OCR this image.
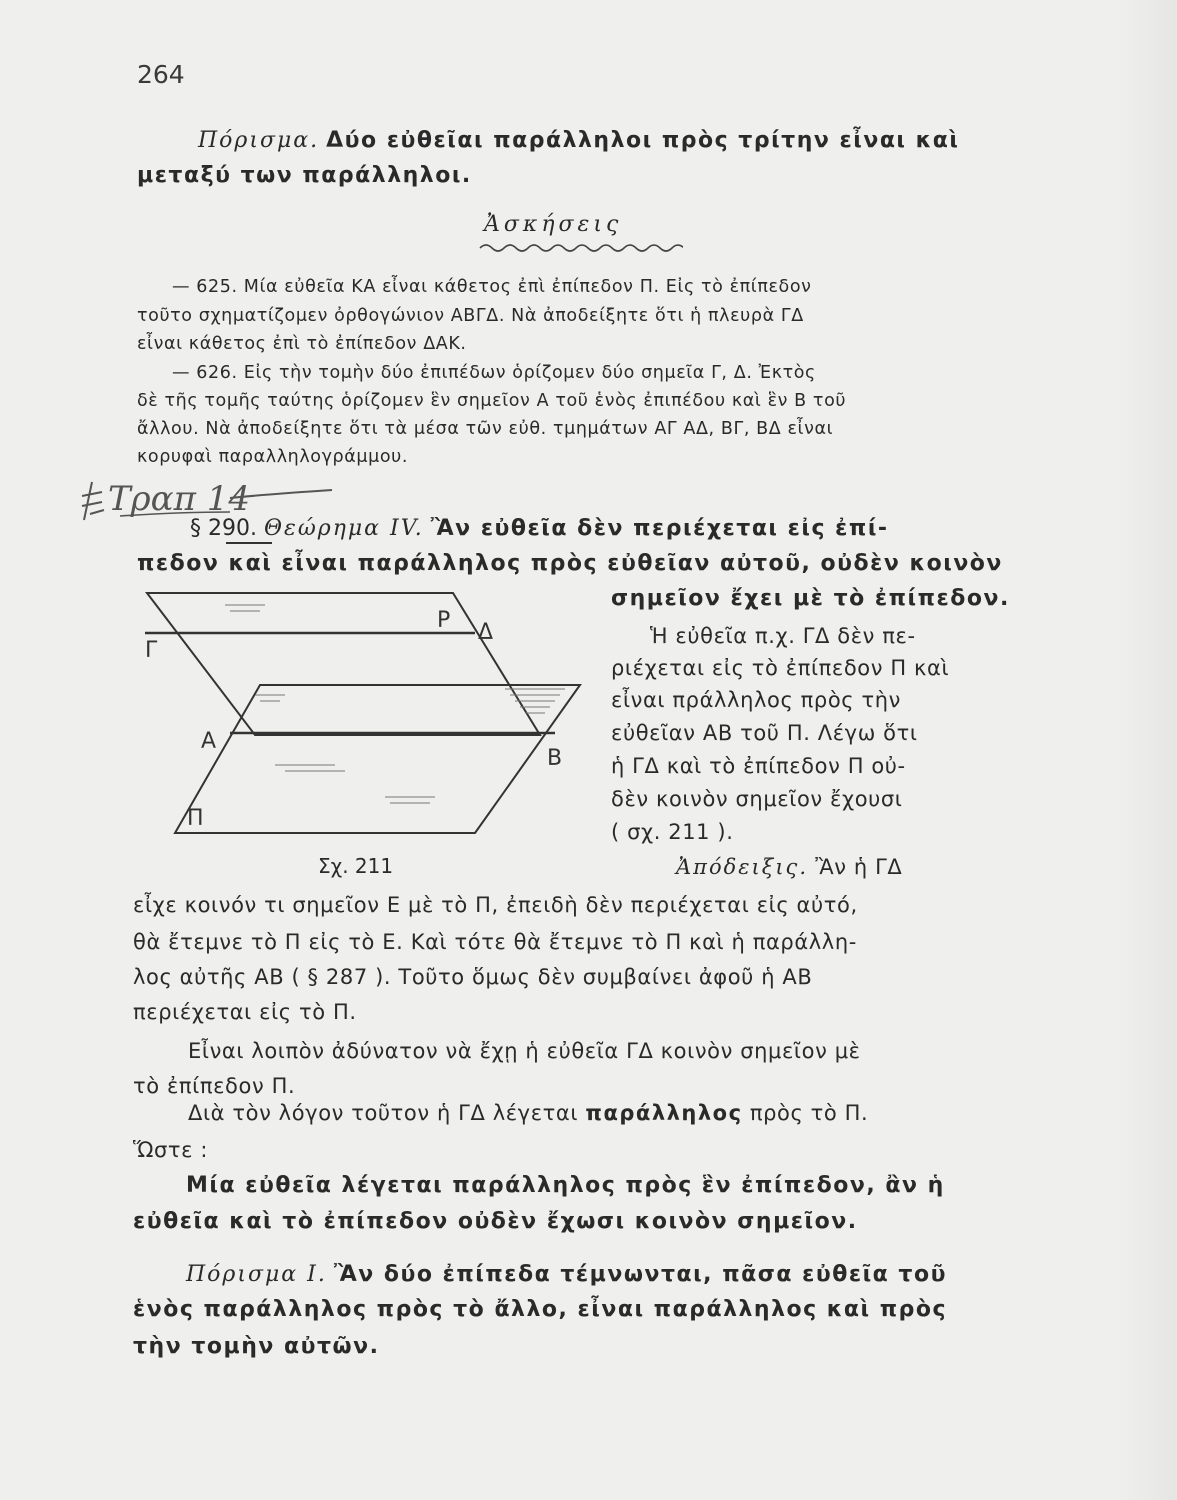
264
Πόρισμα. Δύο εὐθεῖαι παράλληλοι πρὸς τρίτην εἶναι καὶ
μεταξύ των παράλληλοι.
Ἀσκήσεις
— 625. Μία εὐθεῖα ΚΑ εἶναι κάθετος ἐπὶ ἐπίπεδον Π. Εἰς τὸ ἐπίπεδον
τοῦτο σχηματίζομεν ὀρθογώνιον ΑΒΓΔ. Νὰ ἀποδείξητε ὅτι ἡ πλευρὰ ΓΔ
εἶναι κάθετος ἐπὶ τὸ ἐπίπεδον ΔΑΚ.
— 626. Εἰς τὴν τομὴν δύο ἐπιπέδων ὁρίζομεν δύο σημεῖα Γ, Δ. Ἐκτὸς
δὲ τῆς τομῆς ταύτης ὁρίζομεν ἓν σημεῖον Α τοῦ ἑνὸς ἐπιπέδου καὶ ἓν Β τοῦ
ἄλλου. Νὰ ἀποδείξητε ὅτι τὰ μέσα τῶν εὐθ. τμημάτων ΑΓ ΑΔ, ΒΓ, ΒΔ εἶναι
κορυφαὶ παραλληλογράμμου.
Τραπ 14
§ 290. Θεώρημα IV. Ἂν εὐθεῖα δὲν περιέχεται εἰς ἐπί-
πεδον καὶ εἶναι παράλληλος πρὸς εὐθεῖαν αὐτοῦ, οὐδὲν κοινὸν
σημεῖον ἔχει μὲ τὸ ἐπίπεδον.
Ρ Δ
Γ
Α
Β
Π
Σχ. 211
Ἡ εὐθεῖα π.χ. ΓΔ δὲν πε-
ριέχεται εἰς τὸ ἐπίπεδον Π καὶ
εἶναι πράλληλος πρὸς τὴν
εὐθεῖαν ΑΒ τοῦ Π. Λέγω ὅτι
ἡ ΓΔ καὶ τὸ ἐπίπεδον Π οὐ-
δὲν κοινὸν σημεῖον ἔχουσι
( σχ. 211 ).
Ἀπόδειξις. Ἂν ἡ ΓΔ
εἶχε κοινόν τι σημεῖον Ε μὲ τὸ Π, ἐπειδὴ δὲν περιέχεται εἰς αὐτό,
θὰ ἔτεμνε τὸ Π εἰς τὸ Ε. Καὶ τότε θὰ ἔτεμνε τὸ Π καὶ ἡ παράλλη-
λος αὐτῆς ΑΒ ( § 287 ). Τοῦτο ὅμως δὲν συμβαίνει ἀφοῦ ἡ ΑΒ
περιέχεται εἰς τὸ Π.
Εἶναι λοιπὸν ἀδύνατον νὰ ἔχῃ ἡ εὐθεῖα ΓΔ κοινὸν σημεῖον μὲ
τὸ ἐπίπεδον Π.
Διὰ τὸν λόγον τοῦτον ἡ ΓΔ λέγεται παράλληλος πρὸς τὸ Π.
Ὥστε :
Μία εὐθεῖα λέγεται παράλληλος πρὸς ἓν ἐπίπεδον, ἂν ἡ
εὐθεῖα καὶ τὸ ἐπίπεδον οὐδὲν ἔχωσι κοινὸν σημεῖον.
Πόρισμα I. Ἂν δύο ἐπίπεδα τέμνωνται, πᾶσα εὐθεῖα τοῦ
ἑνὸς παράλληλος πρὸς τὸ ἄλλο, εἶναι παράλληλος καὶ πρὸς
τὴν τομὴν αὐτῶν.
